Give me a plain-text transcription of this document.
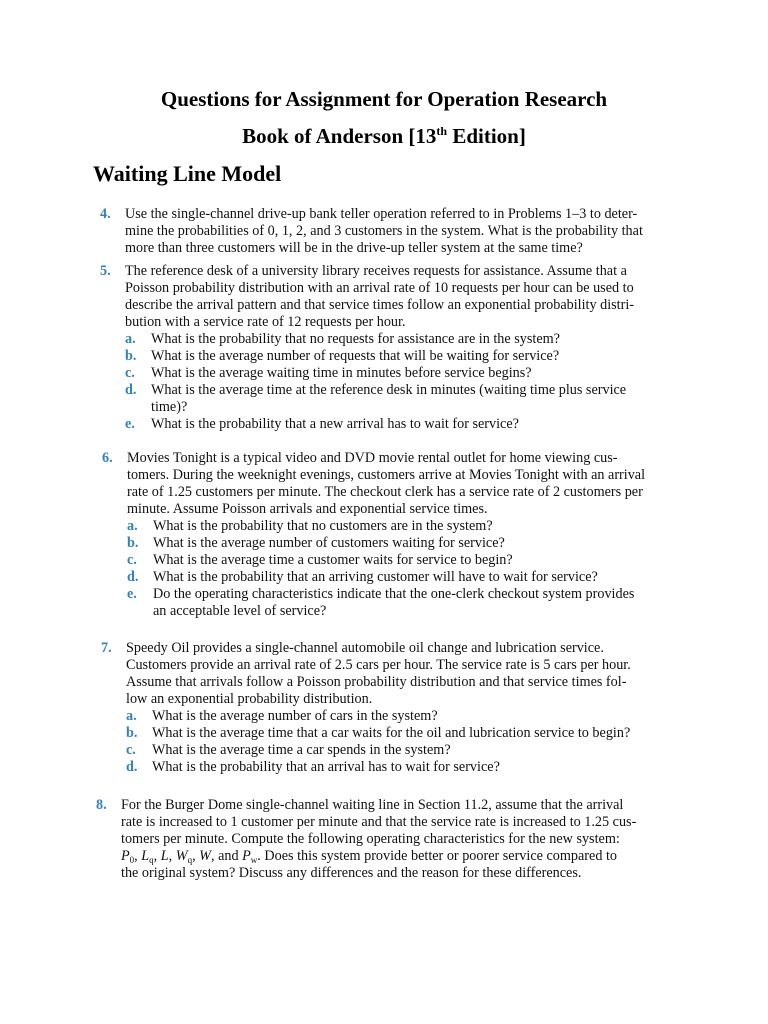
Questions for Assignment for Operation Research
Book of Anderson [13th Edition]
Waiting Line Model
4. Use the single-channel drive-up bank teller operation referred to in Problems 1–3 to deter-
mine the probabilities of 0, 1, 2, and 3 customers in the system. What is the probability that
more than three customers will be in the drive-up teller system at the same time?
5. The reference desk of a university library receives requests for assistance. Assume that a
Poisson probability distribution with an arrival rate of 10 requests per hour can be used to
describe the arrival pattern and that service times follow an exponential probability distri-
bution with a service rate of 12 requests per hour.
a. What is the probability that no requests for assistance are in the system?
b. What is the average number of requests that will be waiting for service?
c. What is the average waiting time in minutes before service begins?
d. What is the average time at the reference desk in minutes (waiting time plus service
time)?
e. What is the probability that a new arrival has to wait for service?
6. Movies Tonight is a typical video and DVD movie rental outlet for home viewing cus-
tomers. During the weeknight evenings, customers arrive at Movies Tonight with an arrival
rate of 1.25 customers per minute. The checkout clerk has a service rate of 2 customers per
minute. Assume Poisson arrivals and exponential service times.
a. What is the probability that no customers are in the system?
b. What is the average number of customers waiting for service?
c. What is the average time a customer waits for service to begin?
d. What is the probability that an arriving customer will have to wait for service?
e. Do the operating characteristics indicate that the one-clerk checkout system provides
an acceptable level of service?
7. Speedy Oil provides a single-channel automobile oil change and lubrication service.
Customers provide an arrival rate of 2.5 cars per hour. The service rate is 5 cars per hour.
Assume that arrivals follow a Poisson probability distribution and that service times fol-
low an exponential probability distribution.
a. What is the average number of cars in the system?
b. What is the average time that a car waits for the oil and lubrication service to begin?
c. What is the average time a car spends in the system?
d. What is the probability that an arrival has to wait for service?
8. For the Burger Dome single-channel waiting line in Section 11.2, assume that the arrival
rate is increased to 1 customer per minute and that the service rate is increased to 1.25 cus-
tomers per minute. Compute the following operating characteristics for the new system:
$P_0$, $L_q$, L, $W_q$, W, and $P_w$. Does this system provide better or poorer service compared to
the original system? Discuss any differences and the reason for these differences.
